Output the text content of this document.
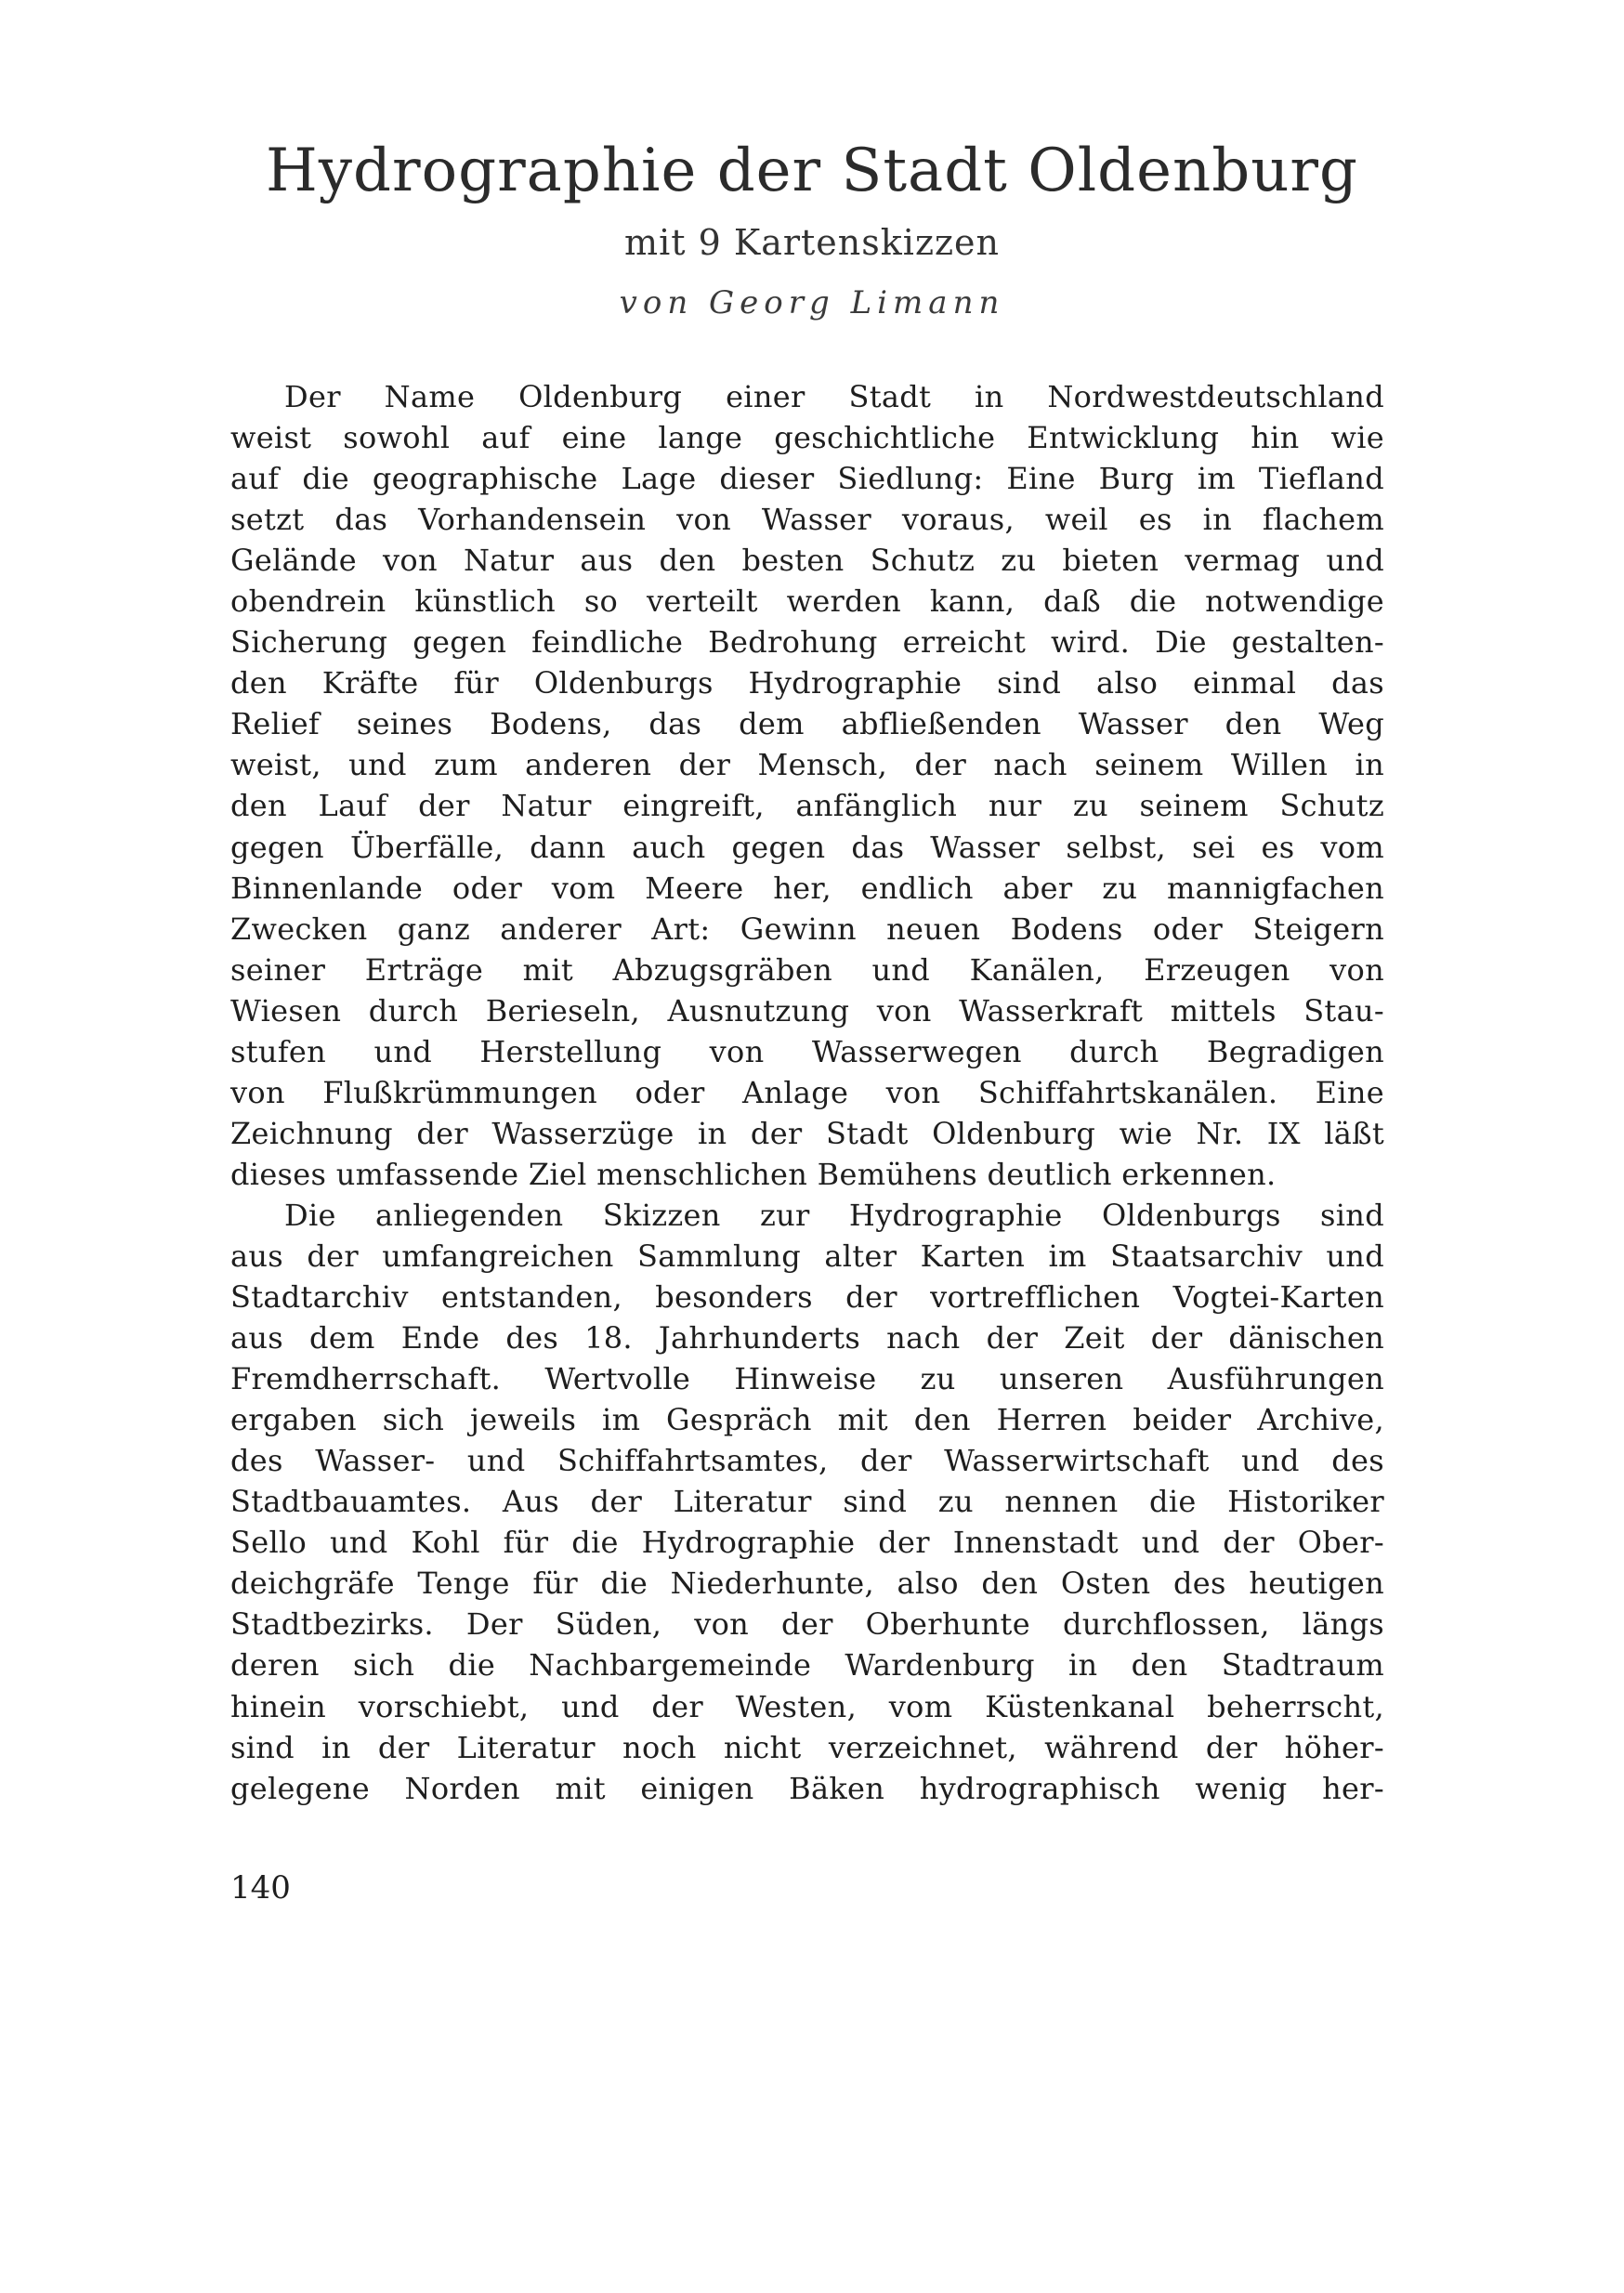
Hydrographie der Stadt Oldenburg
mit 9 Kartenskizzen
von Georg Limann
Der Name Oldenburg einer Stadt in Nordwestdeutschland
weist sowohl auf eine lange geschichtliche Entwicklung hin wie
auf die geographische Lage dieser Siedlung: Eine Burg im Tiefland
setzt das Vorhandensein von Wasser voraus, weil es in flachem
Gelände von Natur aus den besten Schutz zu bieten vermag und
obendrein künstlich so verteilt werden kann, daß die notwendige
Sicherung gegen feindliche Bedrohung erreicht wird. Die gestalten-
den Kräfte für Oldenburgs Hydrographie sind also einmal das
Relief seines Bodens, das dem abfließenden Wasser den Weg
weist, und zum anderen der Mensch, der nach seinem Willen in
den Lauf der Natur eingreift, anfänglich nur zu seinem Schutz
gegen Überfälle, dann auch gegen das Wasser selbst, sei es vom
Binnenlande oder vom Meere her, endlich aber zu mannigfachen
Zwecken ganz anderer Art: Gewinn neuen Bodens oder Steigern
seiner Erträge mit Abzugsgräben und Kanälen, Erzeugen von
Wiesen durch Berieseln, Ausnutzung von Wasserkraft mittels Stau-
stufen und Herstellung von Wasserwegen durch Begradigen
von Flußkrümmungen oder Anlage von Schiffahrtskanälen. Eine
Zeichnung der Wasserzüge in der Stadt Oldenburg wie Nr. IX läßt
dieses umfassende Ziel menschlichen Bemühens deutlich erkennen.
Die anliegenden Skizzen zur Hydrographie Oldenburgs sind
aus der umfangreichen Sammlung alter Karten im Staatsarchiv und
Stadtarchiv entstanden, besonders der vortrefflichen Vogtei-Karten
aus dem Ende des 18. Jahrhunderts nach der Zeit der dänischen
Fremdherrschaft. Wertvolle Hinweise zu unseren Ausführungen
ergaben sich jeweils im Gespräch mit den Herren beider Archive,
des Wasser- und Schiffahrtsamtes, der Wasserwirtschaft und des
Stadtbauamtes. Aus der Literatur sind zu nennen die Historiker
Sello und Kohl für die Hydrographie der Innenstadt und der Ober-
deichgräfe Tenge für die Niederhunte, also den Osten des heutigen
Stadtbezirks. Der Süden, von der Oberhunte durchflossen, längs
deren sich die Nachbargemeinde Wardenburg in den Stadtraum
hinein vorschiebt, und der Westen, vom Küstenkanal beherrscht,
sind in der Literatur noch nicht verzeichnet, während der höher-
gelegene Norden mit einigen Bäken hydrographisch wenig her-
140
